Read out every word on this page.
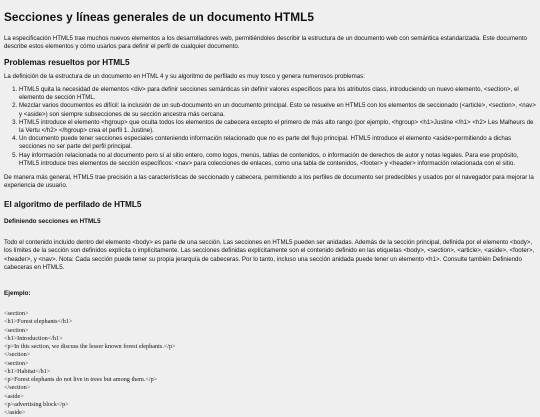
Secciones y líneas generales de un documento HTML5

La especificación HTML5 trae muchos nuevos elementos a los desarrolladores web, permitiéndoles describir la estructura de un documento web con semántica estandarizada. Este documento describe estos elementos y cómo usarlos para definir el perfil de cualquier documento.

Problemas resueltos por HTML5

La definición de la estructura de un documento en HTML 4 y su algoritmo de perfilado es muy tosco y genera numerosos problemas:

1. HTML5 quita la necesidad de elementos <div> para definir secciones semánticas sin definir valores específicos para los atributos class, introduciendo un nuevo elemento, <section>, el elemento de sección HTML.
2. Mezclar varios documentos es difícil: la inclusión de un sub-documento en un documento principal. Esto se resuelve en HTML5 con los elementos de seccionado (<article>, <section>, <nav> y <aside>) son siempre subsecciones de su sección ancestra más cercana.
3. HTML5 introduce el elemento <hgroup> que oculta todos los elementos de cabecera excepto el primero de más alto rango (por ejemplo, <hgroup> <h1>Justine </h1> <h2> Les Malheurs de la Vertu </h2> </hgroup> crea el perfil 1. Justine).
4. Un documento puede tener secciones especiales conteniendo información relacionado que no es parte del flujo principal. HTML5 introduce el elemento <aside>permitiendo a dichas secciones no ser parte del perfil principal.
5. Hay información relacionada no al documento pero sí al sitio entero, como logos, menús, tablas de contenidos, o información de derechos de autor y notas legales. Para ese propósito, HTML5 introduce tres elementos de sección específicos: <nav> para colecciones de enlaces, como una tabla de contenidos, <footer> y <header> información relacionada con el sitio.

De manera más general, HTML5 trae precisión a las características de seccionado y cabecera, permitiendo a los perfiles de documento ser predecibles y usados por el navegador para mejorar la experiencia de usuario.

El algoritmo de perfilado de HTML5
Definiendo secciones en HTML5

Todo el contenido incluido dentro del elemento <body> es parte de una sección. Las secciones en HTML5 pueden ser anidadas. Además de la sección principal, definida por el elemento <body>, los límites de la sección son definidos explícita o implícitamente. Las secciones definidas explícitamente son el contenido definido en las etiquetas <body>, <section>, <article>, <aside>, <footer>, <header>, y <nav>. Nota: Cada sección puede tener su propia jerarquía de cabeceras. Por lo tanto, incluso una sección anidada puede tener un elemento <h1>. Consulte también Definiendo cabeceras en HTML5.

Ejemplo:
<section>
<h1>Forest elephants</h1>
<section>
<h1>Introduction</h1>
<p>In this section, we discuss the lesser known forest elephants.</p>
</section>
<section>
<h1>Habitat</h1>
<p>Forest elephants do not live in trees but among them.</p>
</section>
<aside>
<p>advertising block</p>
</aside>
